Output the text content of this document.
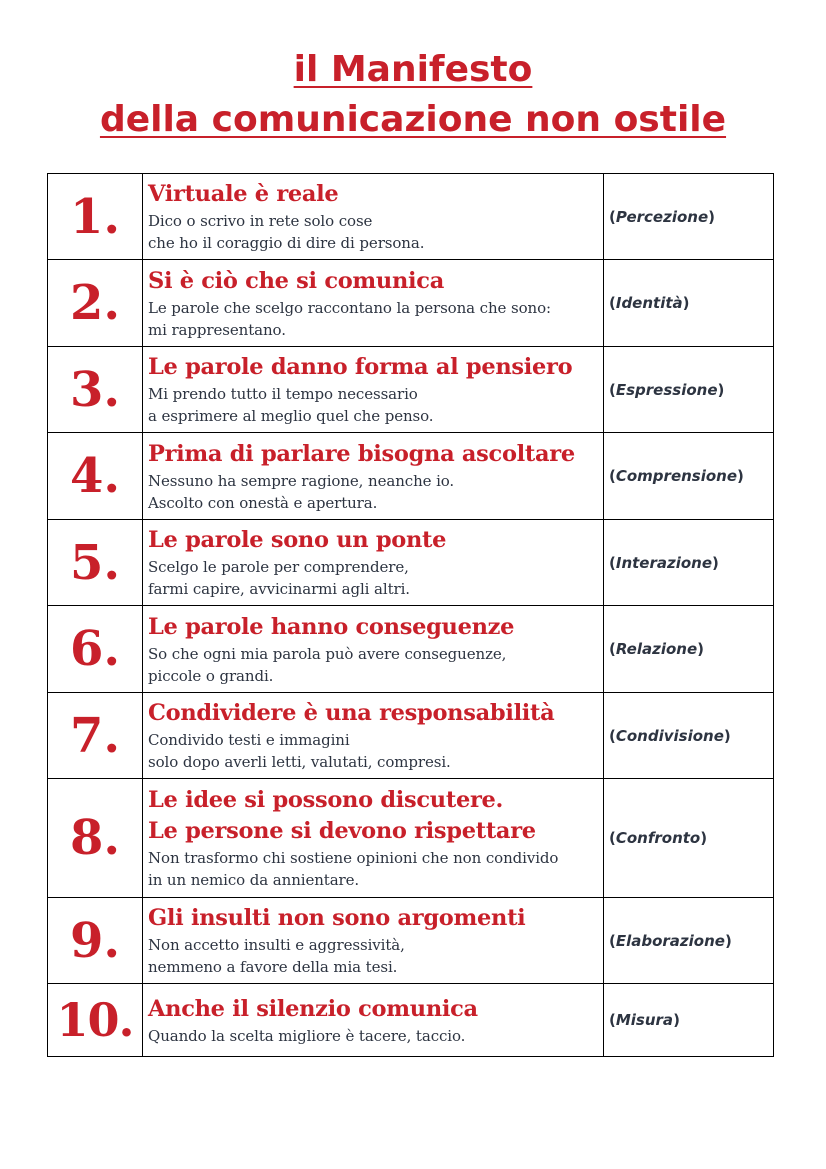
il Manifesto
della comunicazione non ostile
1.	Virtuale è reale
Dico o scrivo in rete solo cose
che ho il coraggio di dire di persona.	(Percezione)
2.	Si è ciò che si comunica
Le parole che scelgo raccontano la persona che sono:
mi rappresentano.	(Identità)
3.	Le parole danno forma al pensiero
Mi prendo tutto il tempo necessario
a esprimere al meglio quel che penso.	(Espressione)
4.	Prima di parlare bisogna ascoltare
Nessuno ha sempre ragione, neanche io.
Ascolto con onestà e apertura.	(Comprensione)
5.	Le parole sono un ponte
Scelgo le parole per comprendere,
farmi capire, avvicinarmi agli altri.	(Interazione)
6.	Le parole hanno conseguenze
So che ogni mia parola può avere conseguenze,
piccole o grandi.	(Relazione)
7.	Condividere è una responsabilità
Condivido testi e immagini
solo dopo averli letti, valutati, compresi.	(Condivisione)
8.	Le idee si possono discutere.
Le persone si devono rispettare
Non trasformo chi sostiene opinioni che non condivido
in un nemico da annientare.	(Confronto)
9.	Gli insulti non sono argomenti
Non accetto insulti e aggressività,
nemmeno a favore della mia tesi.	(Elaborazione)
10.	Anche il silenzio comunica
Quando la scelta migliore è tacere, taccio.	(Misura)
